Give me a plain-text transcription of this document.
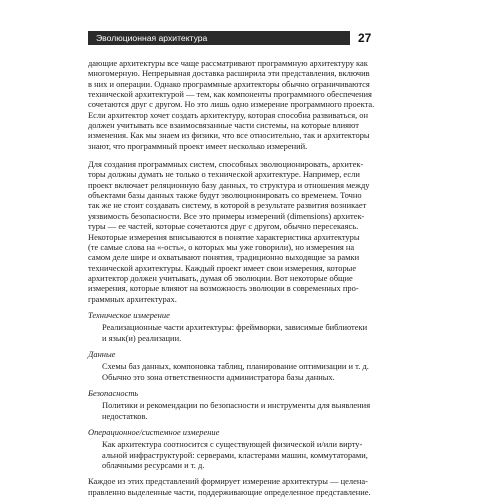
Эволюционная архитектура	27

дающиe архитектуры все чаще рассматривают программную архитектуру как
многомерную. Непрерывная доставка расширила эти представления, включив
в них и операции. Однако программные архитекторы обычно ограничиваются
технической архитектурой — тем, как компоненты программного обеспечения
сочетаются друг с другом. Но это лишь одно измерение программного проекта.
Если архитектор хочет создать архитектуру, которая способна развиваться, он
должен учитывать все взаимосвязанные части системы, на которые влияют
изменения. Как мы знаем из физики, что все относительно, так и архитекторы
знают, что программный проект имеет несколько измерений.

Для создания программных систем, способных эволюционировать, архитек-
торы должны думать не только о технической архитектуре. Например, если
проект включает реляционную базу данных, то структура и отношения между
объектами базы данных также будут эволюционировать со временем. Точно
так же не стоит создавать систему, в которой в результате развития возникает
уязвимость безопасности. Все это примеры измерений (dimensions) архитек-
туры — ее частей, которые сочетаются друг с другом, обычно пересекаясь.
Некоторые измерения вписываются в понятие характеристика архитектуры
(те самые слова на «-ость», о которых мы уже говорили), но измерения на
самом деле шире и охватывают понятия, традиционно выходящие за рамки
технической архитектуры. Каждый проект имеет свои измерения, которые
архитектор должен учитывать, думая об эволюции. Вот некоторые общие
измерения, которые влияют на возможность эволюции в современных про-
граммных архитектурах.

Техническое измерение
Реализационные части архитектуры: фреймворки, зависимые библиотеки
и язык(и) реализации.
Данные
Схемы баз данных, компоновка таблиц, планирование оптимизации и т. д.
Обычно это зона ответственности администратора базы данных.
Безопасность
Политики и рекомендации по безопасности и инструменты для выявления
недостатков.
Операционное/системное измерение
Как архитектура соотносится с существующей физической и/или вирту-
альной инфраструктурой: серверами, кластерами машин, коммутаторами,
облачными ресурсами и т. д.

Каждое из этих представлений формирует измерение архитектуры — целена-
правленно выделенные части, поддерживающие определенное представление.
